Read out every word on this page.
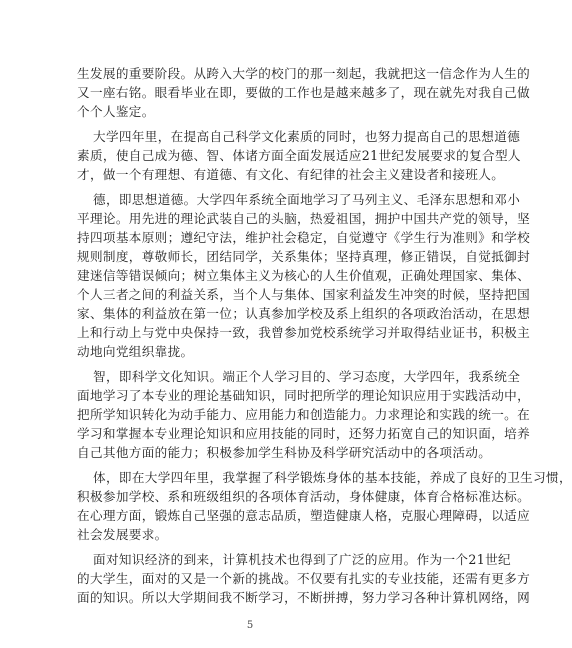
生发展的重要阶段。从跨入大学的校门的那一刻起，我就把这一信念作为人生的
又一座右铭。眼看毕业在即，要做的工作也是越来越多了，现在就先对我自己做
个个人鉴定。
大学四年里，在提高自己科学文化素质的同时，也努力提高自己的思想道德
素质，使自己成为德、智、体诸方面全面发展适应21世纪发展要求的复合型人
才，做一个有理想、有道德、有文化、有纪律的社会主义建设者和接班人。
德，即思想道德。大学四年系统全面地学习了马列主义、毛泽东思想和邓小
平理论。用先进的理论武装自己的头脑，热爱祖国，拥护中国共产党的领导，坚
持四项基本原则；遵纪守法，维护社会稳定，自觉遵守《学生行为准则》和学校
规则制度，尊敬师长，团结同学，关系集体；坚持真理，修正错误，自觉抵御封
建迷信等错误倾向；树立集体主义为核心的人生价值观，正确处理国家、集体、
个人三者之间的利益关系，当个人与集体、国家利益发生冲突的时候，坚持把国
家、集体的利益放在第一位；认真参加学校及系上组织的各项政治活动，在思想
上和行动上与党中央保持一致，我曾参加党校系统学习并取得结业证书，积极主
动地向党组织靠拢。
智，即科学文化知识。端正个人学习目的、学习态度，大学四年，我系统全
面地学习了本专业的理论基础知识，同时把所学的理论知识应用于实践活动中，
把所学知识转化为动手能力、应用能力和创造能力。力求理论和实践的统一。在
学习和掌握本专业理论知识和应用技能的同时，还努力拓宽自己的知识面，培养
自己其他方面的能力；积极参加学生科协及科学研究活动中的各项活动。
体，即在大学四年里，我掌握了科学锻炼身体的基本技能，养成了良好的卫生习惯，
积极参加学校、系和班级组织的各项体育活动，身体健康，体育合格标准达标。
在心理方面，锻炼自己坚强的意志品质，塑造健康人格，克服心理障碍，以适应
社会发展要求。
面对知识经济的到来，计算机技术也得到了广泛的应用。作为一个21世纪
的大学生，面对的又是一个新的挑战。不仅要有扎实的专业技能，还需有更多方
面的知识。所以大学期间我不断学习，不断拼搏，努力学习各种计算机网络，网
5
